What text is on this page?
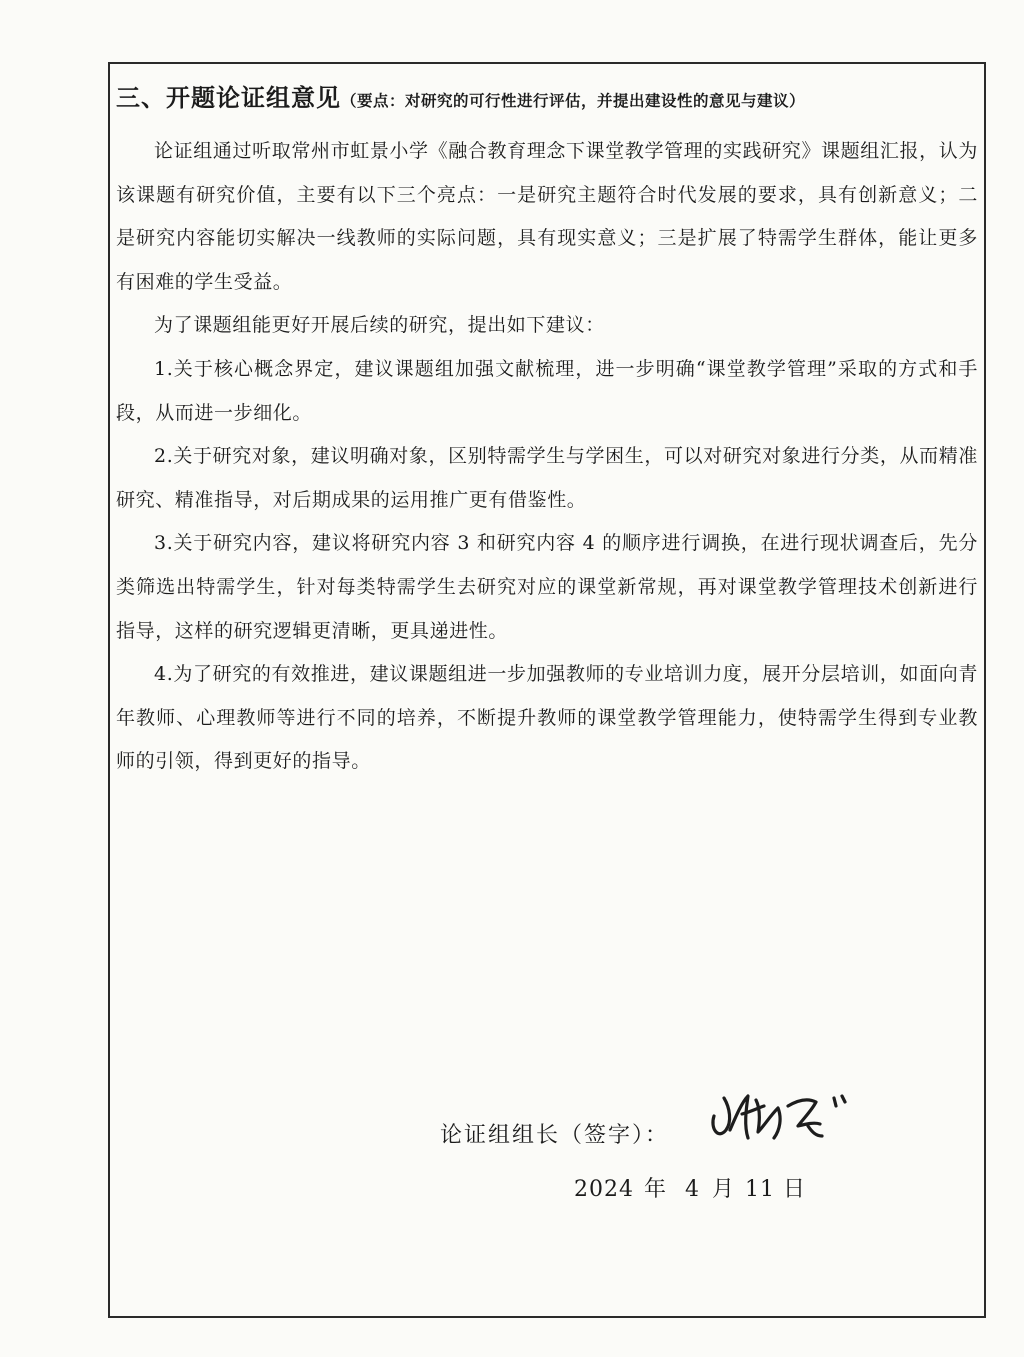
三、开题论证组意见（要点：对研究的可行性进行评估，并提出建设性的意见与建议）

论证组通过听取常州市虹景小学《融合教育理念下课堂教学管理的实践研究》课题组汇报，认为该课题有研究价值，主要有以下三个亮点：一是研究主题符合时代发展的要求，具有创新意义；二是研究内容能切实解决一线教师的实际问题，具有现实意义；三是扩展了特需学生群体，能让更多有困难的学生受益。

为了课题组能更好开展后续的研究，提出如下建议：

1.关于核心概念界定，建议课题组加强文献梳理，进一步明确“课堂教学管理”采取的方式和手段，从而进一步细化。

2.关于研究对象，建议明确对象，区别特需学生与学困生，可以对研究对象进行分类，从而精准研究、精准指导，对后期成果的运用推广更有借鉴性。

3.关于研究内容，建议将研究内容 3 和研究内容 4 的顺序进行调换，在进行现状调查后，先分类筛选出特需学生，针对每类特需学生去研究对应的课堂新常规，再对课堂教学管理技术创新进行指导，这样的研究逻辑更清晰，更具递进性。

4.为了研究的有效推进，建议课题组进一步加强教师的专业培训力度，展开分层培训，如面向青年教师、心理教师等进行不同的培养，不断提升教师的课堂教学管理能力，使特需学生得到专业教师的引领，得到更好的指导。

论证组组长（签字）：
2024 年 4 月 11 日
